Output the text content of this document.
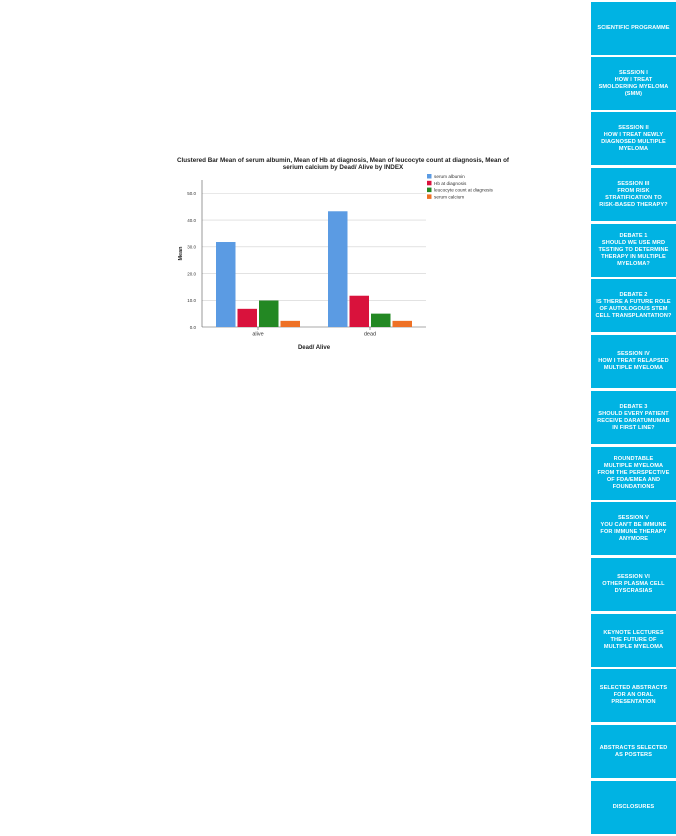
SCIENTIFIC PROGRAMME
SESSION I
HOW I TREAT
SMOLDERING MYELOMA
(SMM)
SESSION II
HOW I TREAT NEWLY
DIAGNOSED MULTIPLE
MYELOMA
SESSION III
FROM RISK
STRATIFICATION TO
RISK-BASED THERAPY?
DEBATE 1
SHOULD WE USE MRD
TESTING TO DETERMINE
THERAPY IN MULTIPLE
MYELOMA?
DEBATE 2
IS THERE A FUTURE ROLE
OF AUTOLOGOUS STEM
CELL TRANSPLANTATION?
SESSION IV
HOW I TREAT RELAPSED
MULTIPLE MYELOMA
DEBATE 3
SHOULD EVERY PATIENT
RECEIVE DARATUMUMAB
IN FIRST LINE?
ROUNDTABLE
MULTIPLE MYELOMA
FROM THE PERSPECTIVE
OF FDA/EMEA AND
FOUNDATIONS
SESSION V
YOU CAN'T BE IMMUNE
FOR IMMUNE THERAPY
ANYMORE
SESSION VI
OTHER PLASMA CELL
DYSCRASIAS
KEYNOTE LECTURES
THE FUTURE OF
MULTIPLE MYELOMA
SELECTED ABSTRACTS
FOR AN ORAL
PRESENTATION
ABSTRACTS SELECTED
AS POSTERS
DISCLOSURES
Clustered Bar Mean of serum albumin, Mean of Hb at diagnosis, Mean of leucocyte count at diagnosis, Mean of serium calcium by Dead/ Alive by INDEX
0.0
10.0
20.0
30.0
40.0
50.0
alive	dead
Dead/ Alive
Mean
serum albumin
Hb at diagnosis
leucocyte count at diagnosis
serum calcium
